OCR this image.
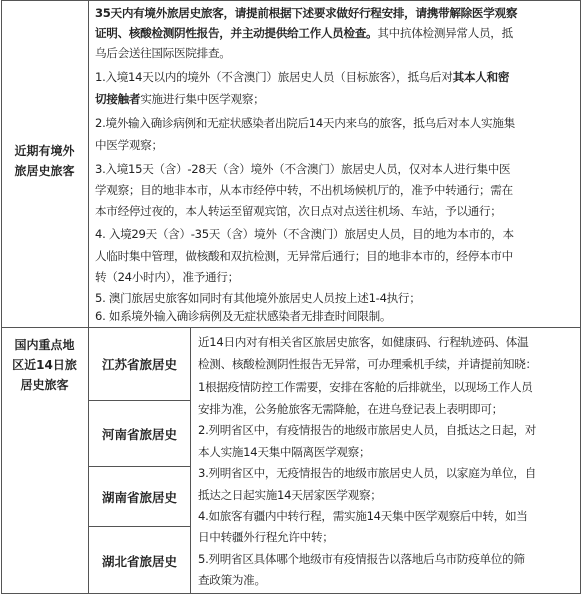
近期有境外
旅居史旅客
35天内有境外旅居史旅客，请提前根据下述要求做好行程安排，请携带解除医学观察
证明、核酸检测阴性报告，并主动提供给工作人员检查。其中抗体检测异常人员，抵
乌后会送往国际医院排查。
1.入境14天以内的境外（不含澳门）旅居史人员（目标旅客），抵乌后对其本人和密
切接触者实施进行集中医学观察；
2.境外输入确诊病例和无症状感染者出院后14天内来乌的旅客，抵乌后对本人实施集
中医学观察；
3.入境15天（含）-28天（含）境外（不含澳门）旅居史人员，仅对本人进行集中医
学观察；目的地非本市，从本市经停中转，不出机场候机厅的，准予中转通行；需在
本市经停过夜的，本人转运至留观宾馆，次日点对点送往机场、车站，予以通行；
4. 入境29天（含）-35天（含）境外（不含澳门）旅居史人员，目的地为本市的，本
人临时集中管理，做核酸和双抗检测，无异常后通行；目的地非本市的，经停本市中
转（24小时内），准予通行；
5. 澳门旅居史旅客如同时有其他境外旅居史人员按上述1-4执行；
6. 如系境外输入确诊病例及无症状感染者无排查时间限制。
国内重点地
区近14日旅
居史旅客
江苏省旅居史
河南省旅居史
湖南省旅居史
湖北省旅居史
近14日内对有相关省区旅居史旅客，如健康码、行程轨迹码、体温
检测、核酸检测阴性报告无异常，可办理乘机手续，并请提前知晓：
1根据疫情防控工作需要，安排在客舱的后排就坐，以现场工作人员
安排为准，公务舱旅客无需降舱，在进乌登记表上表明即可；
2.列明省区中，有疫情报告的地级市旅居史人员，自抵达之日起，对
本人实施14天集中隔离医学观察；
3.列明省区中，无疫情报告的地级市旅居史人员，以家庭为单位，自
抵达之日起实施14天居家医学观察；
4.如旅客有疆内中转行程，需实施14天集中医学观察后中转，如当
日中转疆外行程允许中转；
5.列明省区具体哪个地级市有疫情报告以落地后乌市防疫单位的筛
查政策为准。
